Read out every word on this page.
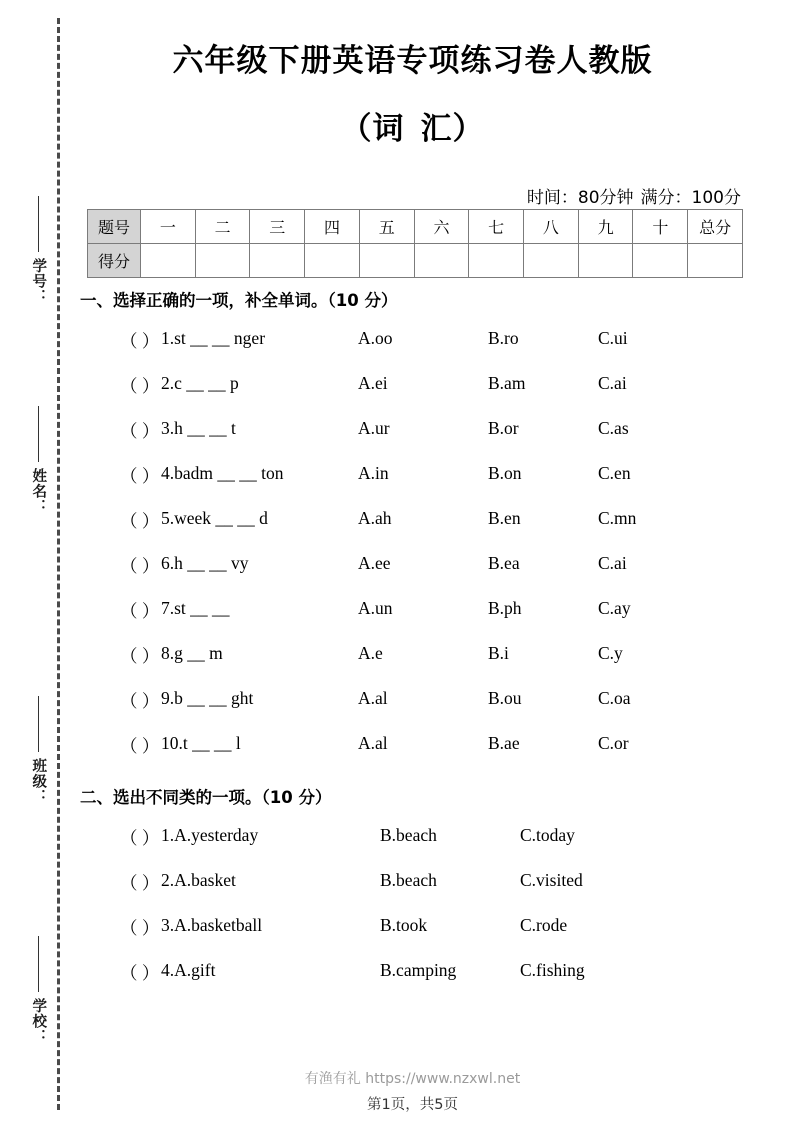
学号：
姓名：
班级：
学校：
六年级下册英语专项练习卷人教版
（词 汇）
时间：80分钟 满分：100分
题号	一	二	三	四	五	六	七	八	九	十	总分
得分											
一、选择正确的一项，补全单词。（10 分）
（ ） 1.st __ __ nger	A.oo	B.ro	C.ui
（ ） 2.c __ __ p	A.ei	B.am	C.ai
（ ） 3.h __ __ t	A.ur	B.or	C.as
（ ） 4.badm __ __ ton	A.in	B.on	C.en
（ ） 5.week __ __ d	A.ah	B.en	C.mn
（ ） 6.h __ __ vy	A.ee	B.ea	C.ai
（ ） 7.st __ __	A.un	B.ph	C.ay
（ ） 8.g __ m	A.e	B.i	C.y
（ ） 9.b __ __ ght	A.al	B.ou	C.oa
（ ） 10.t __ __ l	A.al	B.ae	C.or
二、选出不同类的一项。（10 分）
（ ） 1.A.yesterday	B.beach	C.today
（ ） 2.A.basket	B.beach	C.visited
（ ） 3.A.basketball	B.took	C.rode
（ ） 4.A.gift	B.camping	C.fishing
有渔有礼 https://www.nzxwl.net
第1页，共5页
